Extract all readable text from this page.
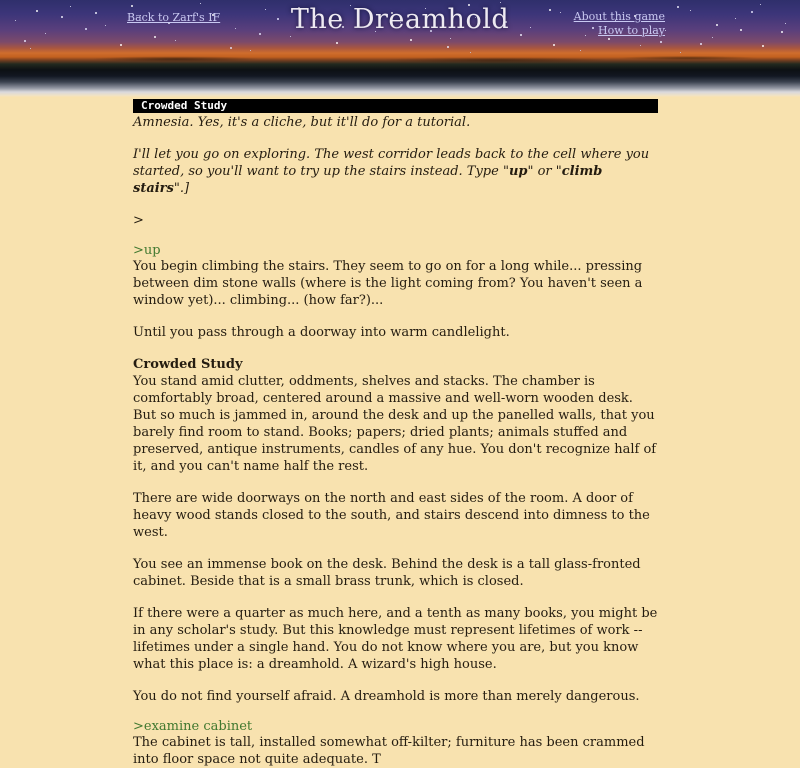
Back to Zarf's IF	The Dreamhold	About this game
How to play
Crowded Study

Amnesia. Yes, it's a cliche, but it'll do for a tutorial.

I'll let you go on exploring. The west corridor leads back to the cell where you started, so you'll want to try up the stairs instead. Type "up" or "climb stairs".]

>

>up

You begin climbing the stairs. They seem to go on for a long while... pressing between dim stone walls (where is the light coming from? You haven't seen a window yet)... climbing... (how far?)...

Until you pass through a doorway into warm candlelight.

Crowded Study

You stand amid clutter, oddments, shelves and stacks. The chamber is comfortably broad, centered around a massive and well-worn wooden desk. But so much is jammed in, around the desk and up the panelled walls, that you barely find room to stand. Books; papers; dried plants; animals stuffed and preserved, antique instruments, candles of any hue. You don't recognize half of it, and you can't name half the rest.

There are wide doorways on the north and east sides of the room. A door of heavy wood stands closed to the south, and stairs descend into dimness to the west.

You see an immense book on the desk. Behind the desk is a tall glass-fronted cabinet. Beside that is a small brass trunk, which is closed.

If there were a quarter as much here, and a tenth as many books, you might be in any scholar's study. But this knowledge must represent lifetimes of work -- lifetimes under a single hand. You do not know where you are, but you know what this place is: a dreamhold. A wizard's high house.

You do not find yourself afraid. A dreamhold is more than merely dangerous.

>examine cabinet

The cabinet is tall, installed somewhat off-kilter; furniture has been crammed into floor space not quite adequate. T
